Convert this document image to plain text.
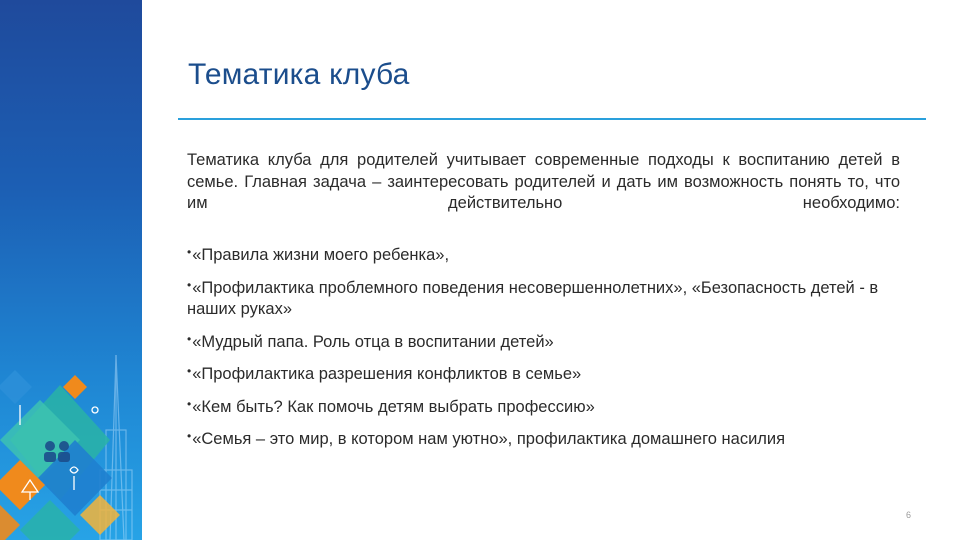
Тематика клуба

Тематика клуба для родителей учитывает современные подходы к воспитанию детей в семье. Главная задача – заинтересовать родителей и дать им возможность понять то, что им действительно необходимо:

•«Правила жизни моего ребенка»,
•«Профилактика проблемного поведения несовершеннолетних», «Безопасность детей - в наших руках»
•«Мудрый папа. Роль отца в воспитании детей»
•«Профилактика разрешения конфликтов в семье»
•«Кем быть? Как помочь детям выбрать профессию»
•«Семья – это мир, в котором нам уютно», профилактика домашнего насилия
6
